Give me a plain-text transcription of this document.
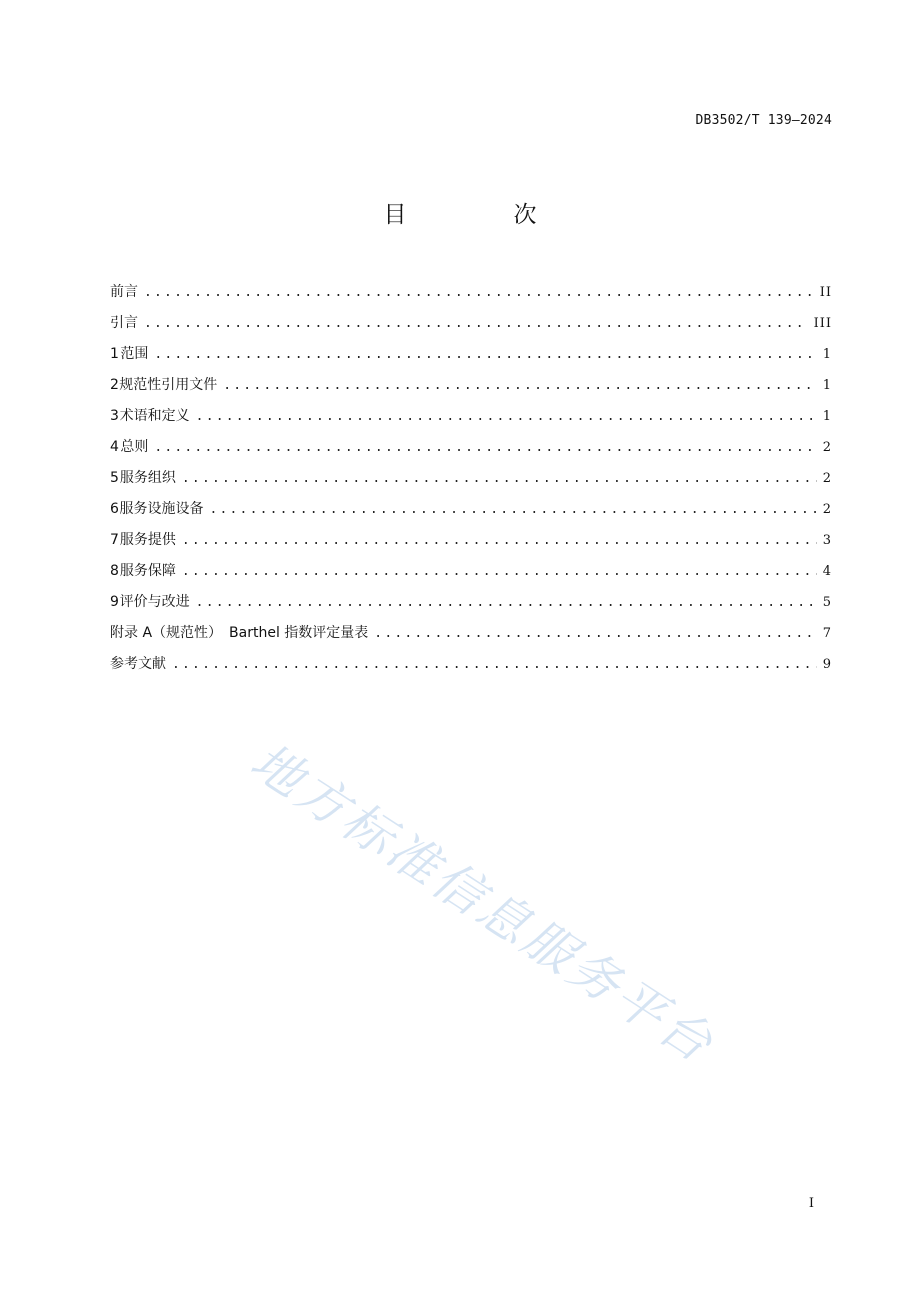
DB3502/T 139—2024
目　次
前言 .....	II
引言 .....	III
1 范围 .....	1
2 规范性引用文件 .....	1
3 术语和定义 .....	1
4 总则 .....	2
5 服务组织 .....	2
6 服务设施设备 .....	2
7 服务提供 .....	3
8 服务保障 .....	4
9 评价与改进 .....	5
附录 A（规范性）　Barthel 指数评定量表 .....	7
参考文献 .....	9
地方标准信息服务平台
I
